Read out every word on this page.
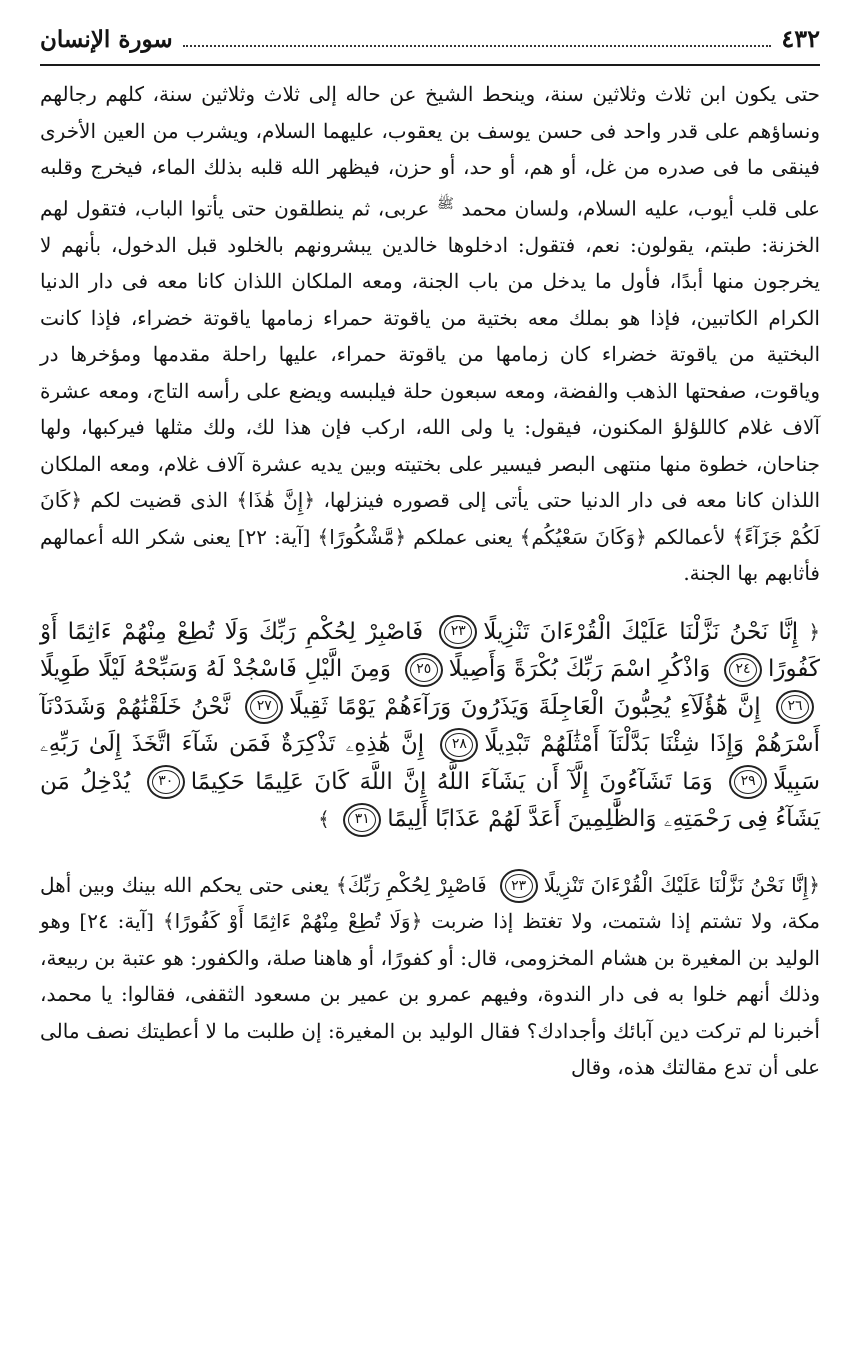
٤٣٢
سورة الإنسان

حتى يكون ابن ثلاث وثلاثين سنة، وينحط الشيخ عن حاله إلى ثلاث وثلاثين سنة، كلهم رجالهم ونساؤهم على قدر واحد فى حسن يوسف بن يعقوب، عليهما السلام، ويشرب من العين الأخرى فينقى ما فى صدره من غل، أو هم، أو حد، أو حزن، فيظهر الله قلبه بذلك الماء، فيخرج وقلبه على قلب أيوب، عليه السلام، ولسان محمد $^ﷺ$ عربى، ثم ينطلقون حتى يأتوا الباب، فتقول لهم الخزنة: طبتم، يقولون: نعم، فتقول: ادخلوها خالدين يبشرونهم بالخلود قبل الدخول، بأنهم لا يخرجون منها أبدًا، فأول ما يدخل من باب الجنة، ومعه الملكان اللذان كانا معه فى دار الدنيا الكرام الكاتبين، فإذا هو بملك معه بختية من ياقوتة حمراء زمامها ياقوتة خضراء، فإذا كانت البختية من ياقوتة خضراء كان زمامها من ياقوتة حمراء، عليها راحلة مقدمها ومؤخرها در وياقوت، صفحتها الذهب والفضة، ومعه سبعون حلة فيلبسه ويضع على رأسه التاج، ومعه عشرة آلاف غلام كاللؤلؤ المكنون، فيقول: يا ولى الله، اركب فإن هذا لك، ولك مثلها فيركبها، ولها جناحان، خطوة منها منتهى البصر فيسير على بختيته وبين يديه عشرة آلاف غلام، ومعه الملكان اللذان كانا معه فى دار الدنيا حتى يأتى إلى قصوره فينزلها، ﴿إِنَّ هَٰذَا﴾ الذى قضيت لكم ﴿كَانَ لَكُمْ جَزَآءً﴾ لأعمالكم ﴿وَكَانَ سَعْيُكُم﴾ يعنى عملكم ﴿مَّشْكُورًا﴾ [آية: ٢٢] يعنى شكر الله أعمالهم فأثابهم بها الجنة.

﴿ إِنَّا نَحْنُ نَزَّلْنَا عَلَيْكَ الْقُرْءَانَ تَنْزِيلًا٢٣ فَاصْبِرْ لِحُكْمِ رَبِّكَ وَلَا تُطِعْ مِنْهُمْ ءَاثِمًا أَوْ كَفُورًا٢٤ وَاذْكُرِ اسْمَ رَبِّكَ بُكْرَةً وَأَصِيلًا٢٥ وَمِنَ الَّيْلِ فَاسْجُدْ لَهُ وَسَبِّحْهُ لَيْلًا طَوِيلًا٢٦ إِنَّ هَٰٓؤُلَآءِ يُحِبُّونَ الْعَاجِلَةَ وَيَذَرُونَ وَرَآءَهُمْ يَوْمًا ثَقِيلًا٢٧ نَّحْنُ خَلَقْنَٰهُمْ وَشَدَدْنَآ أَسْرَهُمْ وَإِذَا شِئْنَا بَدَّلْنَآ أَمْثَٰلَهُمْ تَبْدِيلًا٢٨ إِنَّ هَٰذِهِۦ تَذْكِرَةٌ فَمَن شَآءَ اتَّخَذَ إِلَىٰ رَبِّهِۦ سَبِيلًا٢٩ وَمَا تَشَآءُونَ إِلَّآ أَن يَشَآءَ اللَّهُ إِنَّ اللَّهَ كَانَ عَلِيمًا حَكِيمًا٣٠ يُدْخِلُ مَن يَشَآءُ فِى رَحْمَتِهِۦ وَالظَّٰلِمِينَ أَعَدَّ لَهُمْ عَذَابًا أَلِيمًا٣١ ﴾

﴿إِنَّا نَحْنُ نَزَّلْنَا عَلَيْكَ الْقُرْءَانَ تَنْزِيلًا٢٣ فَاصْبِرْ لِحُكْمِ رَبِّكَ﴾ يعنى حتى يحكم الله بينك وبين أهل مكة، ولا تشتم إذا شتمت، ولا تغتظ إذا ضربت ﴿وَلَا تُطِعْ مِنْهُمْ ءَاثِمًا أَوْ كَفُورًا﴾ [آية: ٢٤] وهو الوليد بن المغيرة بن هشام المخزومى، قال: أو كفورًا، أو هاهنا صلة، والكفور: هو عتبة بن ربيعة، وذلك أنهم خلوا به فى دار الندوة، وفيهم عمرو بن عمير بن مسعود الثقفى، فقالوا: يا محمد، أخبرنا لم تركت دين آبائك وأجدادك؟ فقال الوليد بن المغيرة: إن طلبت ما لا أعطيتك نصف مالى على أن تدع مقالتك هذه، وقال
